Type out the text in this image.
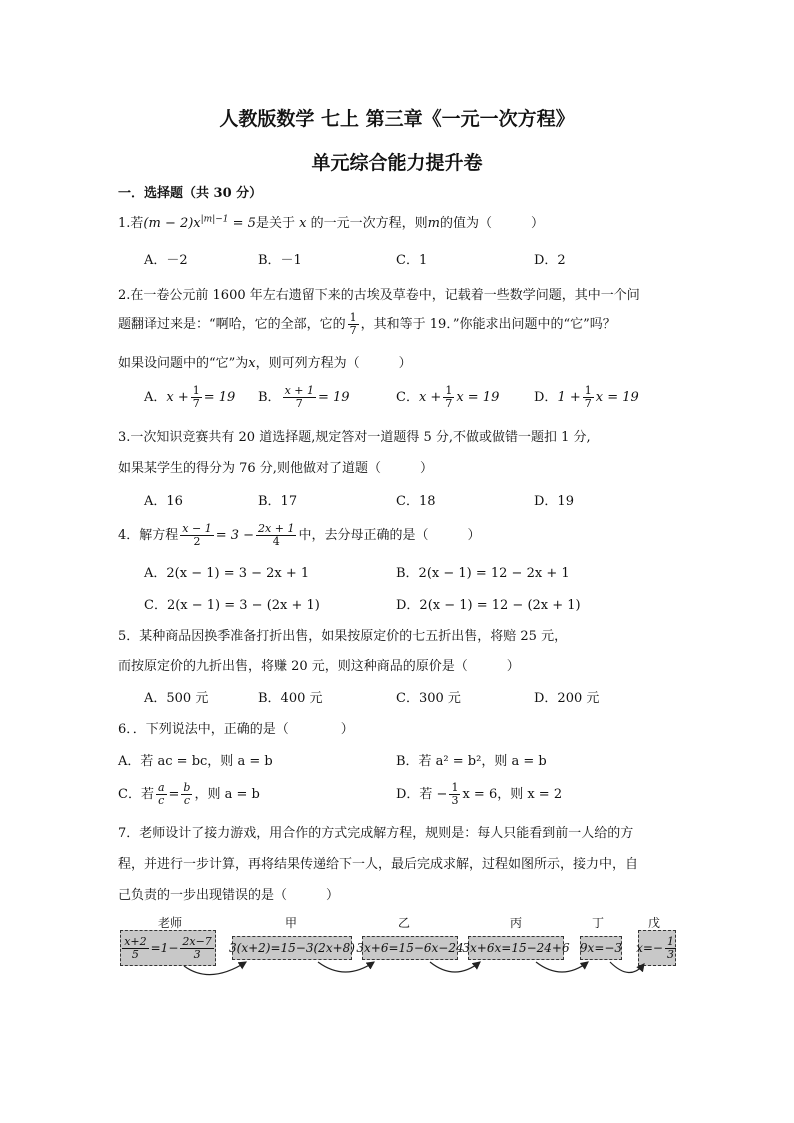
人教版数学 七上 第三章《一元一次方程》
单元综合能力提升卷
一．选择题（共 30 分）
1.若$(m - 2)x^{|m|-1} = 5$是关于 x 的一元一次方程，则m的值为（　　　）
A．－2	B．－1	C．1	D．2
2.在一卷公元前 1600 年左右遗留下来的古埃及草卷中，记载着一些数学问题，其中一个问
题翻译过来是：“啊哈，它的全部，它的 $\frac{1}{7}$ ，其和等于 19．”你能求出问题中的“它”吗？
如果设问题中的“它”为x，则可列方程为（　　　）
A．$x + \frac{1}{7} = 19$ B． $\frac{x + 1}{7} = 19$	C．$x + \frac{1}{7}$ x = 19	D．$1 + \frac{1}{7}$ x = 19
3.一次知识竞赛共有 20 道选择题,规定答对一道题得 5 分,不做或做错一题扣 1 分,
如果某学生的得分为 76 分,则他做对了道题（　　　）
A．16	B．17	C．18	D．19
4．解方程 $\frac{x - 1}{2} = 3 - \frac{2x + 1}{4}$ 中，去分母正确的是（　　　）
A．2(x − 1) = 3 − 2x + 1	B．2(x − 1) = 12 − 2x + 1
C．2(x − 1) = 3 − (2x + 1)	D．2(x − 1) = 12 − (2x + 1)
5．某种商品因换季准备打折出售，如果按原定价的七五折出售，将赔 25 元，
而按原定价的九折出售，将赚 20 元，则这种商品的原价是（　　　）
A．500 元	B．400 元	C．300 元	D．200 元
6．．下列说法中，正确的是（　　　　）
A．若 ac = bc，则 a = b	B．若 a² = b²，则 a = b
C．若 $\frac{a}{c} = \frac{b}{c}$ ，则 a = b	D．若 − $\frac{1}{3}$ x = 6，则 x = 2
7．老师设计了接力游戏，用合作的方式完成解方程，规则是：每人只能看到前一人给的方
程，并进行一步计算，再将结果传递给下一人，最后完成求解，过程如图所示，接力中，自
己负责的一步出现错误的是（　　　）
老师	甲	乙	丙	丁	戊
$\frac{x+2}{5} =1- \frac{2x-7}{3} 3(x+2)=15-3(2x+8)$ 3x+6=15−6x−24
3x+6x=15−24+6 9x=−3 $x=- \frac{1}{3}$
